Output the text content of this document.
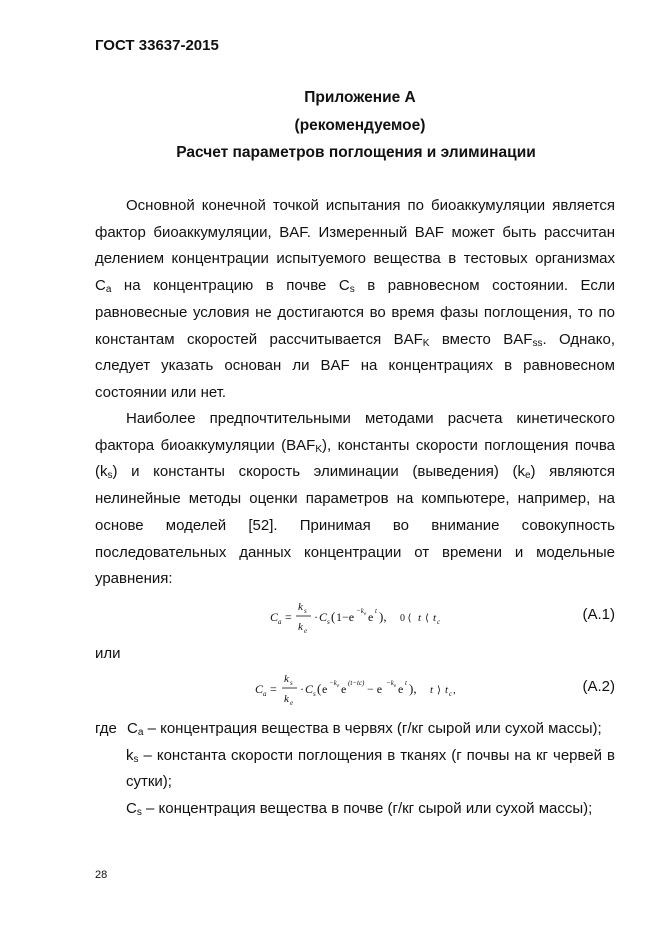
ГОСТ 33637-2015
Приложение А
(рекомендуемое)
Расчет параметров поглощения и элиминации

Основной конечной точкой испытания по биоаккумуляции является фактор биоаккумуляции, BAF. Измеренный BAF может быть рассчитан делением концентрации испытуемого вещества в тестовых организмах $C_a$ на концентрацию в почве $C_s$ в равновесном состоянии. Если равновесные условия не достигаются во время фазы поглощения, то по константам скоростей рассчитывается $BAF_K$ вместо $BAF_{ss}$. Однако, следует указать основан ли BAF на концентрациях в равновесном состоянии или нет.

Наиболее предпочтительными методами расчета кинетического фактора биоаккумуляции $(BAF_K)$, константы скорости поглощения почва $(k_s)$ и константы скорость элиминации (выведения) $(k_e)$ являются нелинейные методы оценки параметров на компьютере, например, на основе моделей [52]. Принимая во внимание совокупность последовательных данных концентрации от времени и модельные уравнения:

C a =
k s
k e
· C s ( 1−e −k e e t ), 0 ⟨ t ⟨ t c	(А.1)
или
C a =
k s
k e
· C s ( e −k e e (t−tc) − e −k e e t ), t ⟩ t c ,	(А.2)
где $C_a$ – концентрация вещества в червях (г/кг сырой или сухой массы);
$k_s$ – константа скорости поглощения в тканях (г почвы на кг червей в сутки);
$C_s$ – концентрация вещества в почве (г/кг сырой или сухой массы);
28
